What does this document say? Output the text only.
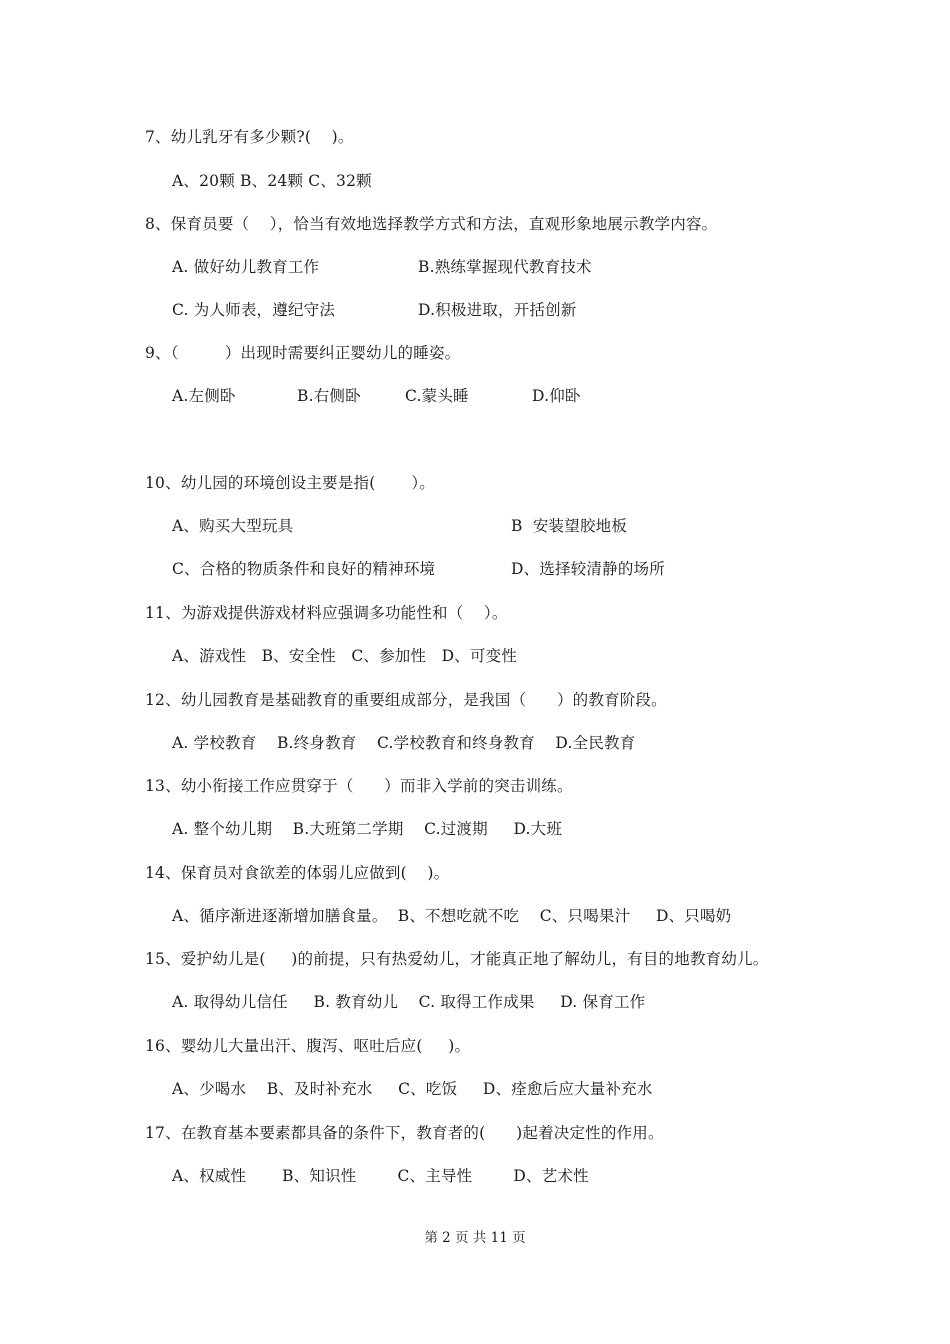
7、幼儿乳牙有多少颗?(    )。
A、20颗 B、24颗 C、32颗
8、保育员要（    ），恰当有效地选择教学方式和方法，直观形象地展示教学内容。
A. 做好幼儿教育工作	B.熟练掌握现代教育技术
C. 为人师表，遵纪守法	D.积极进取，开括创新
9、（         ）出现时需要纠正婴幼儿的睡姿。
A.左侧卧	B.右侧卧	C.蒙头睡	D.仰卧
10、幼儿园的环境创设主要是指(       ）。
A、购买大型玩具	B  安装望胶地板
C、合格的物质条件和良好的精神环境	D、选择较清静的场所
11、为游戏提供游戏材料应强调多功能性和（    ）。
A、游戏性   B、安全性   C、参加性   D、可变性
12、幼儿园教育是基础教育的重要组成部分，是我国（      ）的教育阶段。
A. 学校教育    B.终身教育    C.学校教育和终身教育    D.全民教育
13、幼小衔接工作应贯穿于（      ）而非入学前的突击训练。
A. 整个幼儿期    B.大班第二学期    C.过渡期     D.大班
14、保育员对食欲差的体弱儿应做到(    )。
A、循序渐进逐渐增加膳食量。  B、不想吃就不吃    C、只喝果汁     D、只喝奶
15、爱护幼儿是(     )的前提，只有热爱幼儿，才能真正地了解幼儿，有目的地教育幼儿。
A. 取得幼儿信任     B. 教育幼儿    C. 取得工作成果     D. 保育工作
16、婴幼儿大量出汗、腹泻、呕吐后应(     )。
A、少喝水    B、及时补充水     C、吃饭     D、痊愈后应大量补充水
17、在教育基本要素都具备的条件下，教育者的(      )起着决定性的作用。
A、权威性       B、知识性        C、主导性        D、艺术性
第 2 页 共 11 页
